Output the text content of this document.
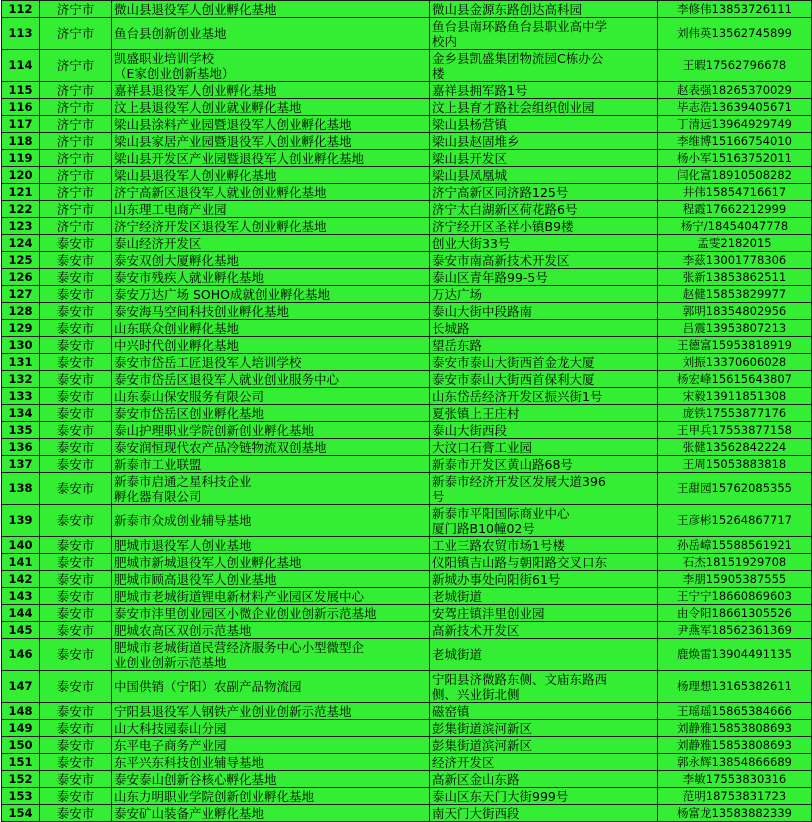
112	济宁市	微山县退役军人创业孵化基地	微山县金源东路创达高科园	李修伟13853726111
113	济宁市	鱼台县创新创业基地	鱼台县南环路鱼台县职业高中学
校内	刘伟英13562745899
114	济宁市	凯盛职业培训学校
（E家创业创新基地）	金乡县凯盛集团物流园C栋办公
楼	王暇17562796678
115	济宁市	嘉祥县退役军人创业孵化基地	嘉祥县拥军路1号	赵表强18265370029
116	济宁市	汶上县退役军人创业就业孵化基地	汶上县育才路社会组织创业园	毕志浩13639405671
117	济宁市	梁山县涂料产业园暨退役军人创业孵化基地	梁山县杨营镇	丁清远13964929749
118	济宁市	梁山县家居产业园暨退役军人创业孵化基地	梁山县赵固堆乡	李维博15166754010
119	济宁市	梁山县开发区产业园暨退役军人创业孵化基地	梁山县开发区	杨小军15163752011
120	济宁市	梁山县退役军人创业孵化基地	梁山县凤凰城	闫化富18910508282
121	济宁市	济宁高新区退役军人就业创业孵化基地	济宁高新区同济路125号	井伟15854716617
122	济宁市	山东理工电商产业园	济宁太白湖新区荷花路6号	程霞17662212999
123	济宁市	济宁经济开发区退役军人创业孵化基地	济宁经开区圣祥小镇B9楼	杨宁/18454047778
124	泰安市	泰山经济开发区	创业大街33号	孟雯2182015
125	泰安市	泰安双创大厦孵化基地	泰安市南高新技术开发区	李茲13001778306
126	泰安市	泰安市残疾人就业孵化基地	泰山区青年路99-5号	张新13853862511
127	泰安市	泰安万达广场 SOHO成就创业孵化基地	万达广场	赵健15853829977
128	泰安市	泰安海马空间科技创业孵化基地	泰山大街中段路南	郭明18354802956
129	泰安市	山东联众创业孵化基地	长城路	吕震13953807213
130	泰安市	中兴时代创业孵化基地	望岳东路	王德富15953818919
131	泰安市	泰安市岱岳工匠退役军人培训学校	泰安市泰山大街西首金龙大厦	刘振13370606028
132	泰安市	泰安市岱岳区退役军人就业创业服务中心	泰安市泰山大街西首保利大厦	杨宏峰15615643807
133	泰安市	山东泰山保安服务有限公司	山东岱岳经济开发区振兴街1号	宋毅13911851308
134	泰安市	泰安市岱岳区创业孵化基地	夏张镇上王庄村	庞铁17553877176
135	泰安市	泰山护理职业学院创新创业孵化基地	泰山大街西段	王甲兵17553877158
136	泰安市	泰安润恒现代农产品冷链物流双创基地	大汶口石膏工业园	张健13562842224
137	泰安市	新泰市工业联盟	新泰市开发区黄山路68号	王周15053883818
138	泰安市	新泰市启通之星科技企业
孵化器有限公司	新泰市经济开发区发展大道396
号	王甜园15762085355
139	泰安市	新泰市众成创业辅导基地	新泰市平阳国际商业中心
厦门路B10幢02号	王彦彬15264867717
140	泰安市	肥城市退役军人创业基地	工业三路农贸市场1号楼	孙岳嶂15588561921
141	泰安市	肥城市新城退役军人创业孵化基地	仪阳镇吉山路与朝阳路交叉口东	石杰18151929708
142	泰安市	肥城市顾高退役军人创业基地	新城办事处向阳街61号	李朋15905387555
143	泰安市	肥城市老城街道锂电新材料产业园区发展中心	老城街道	王宁宁18660869603
144	泰安市	泰安市沣里创业园区小微企业创业创新示范基地	安驾庄镇沣里创业园	由令阳18661305526
145	泰安市	肥城农高区双创示范基地	高新技术开发区	尹燕军18562361369
146	泰安市	肥城市老城街道民营经济服务中心小型微型企
业创业创新示范基地	老城街道	鹿焕雷13904491135
147	泰安市	中国供销（宁阳）农副产品物流园	宁阳县济微路东侧、文庙东路西
侧、兴业街北侧	杨理想13165382611
148	泰安市	宁阳县退役军人钢铁产业创业创新示范基地	磁窑镇	王瑶瑶15865384666
149	泰安市	山大科技园泰山分园	彭集街道滨河新区	刘静雅15853808693
150	泰安市	东平电子商务产业园	彭集街道滨河新区	刘静雅15853808693
151	泰安市	东平兴东科技创业辅导基地	经济开发区	郭永辉13854866689
152	泰安市	泰安泰山创新谷核心孵化基地	高新区金山东路	李敏17553830316
153	泰安市	山东力明职业学院创新创业孵化基地	泰山区东天门大街999号	范明18753831723
154	泰安市	泰安矿山装备产业孵化基地	南天门大街西段	杨富龙13583882339
